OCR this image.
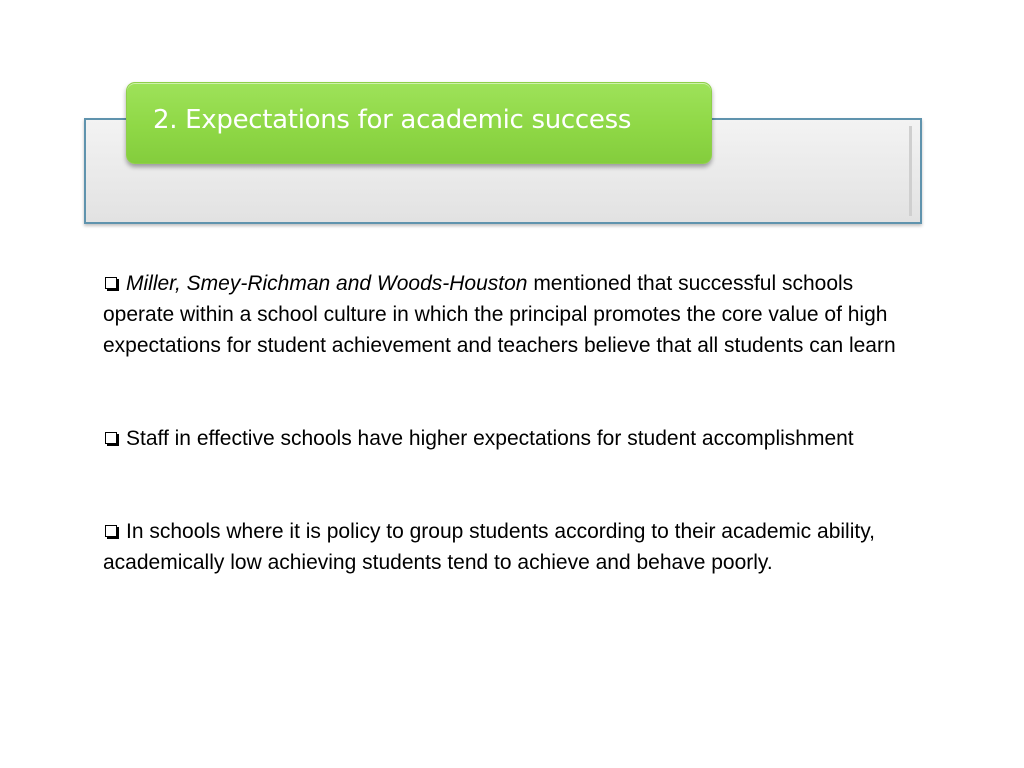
2. Expectations for academic success

Miller, Smey-Richman and Woods-Houston mentioned that successful schools operate within a school culture in which the principal promotes the core value of high expectations for student achievement and teachers believe that all students can learn

Staff in effective schools have higher expectations for student accomplishment

In schools where it is policy to group students according to their academic ability, academically low achieving students tend to achieve and behave poorly.
